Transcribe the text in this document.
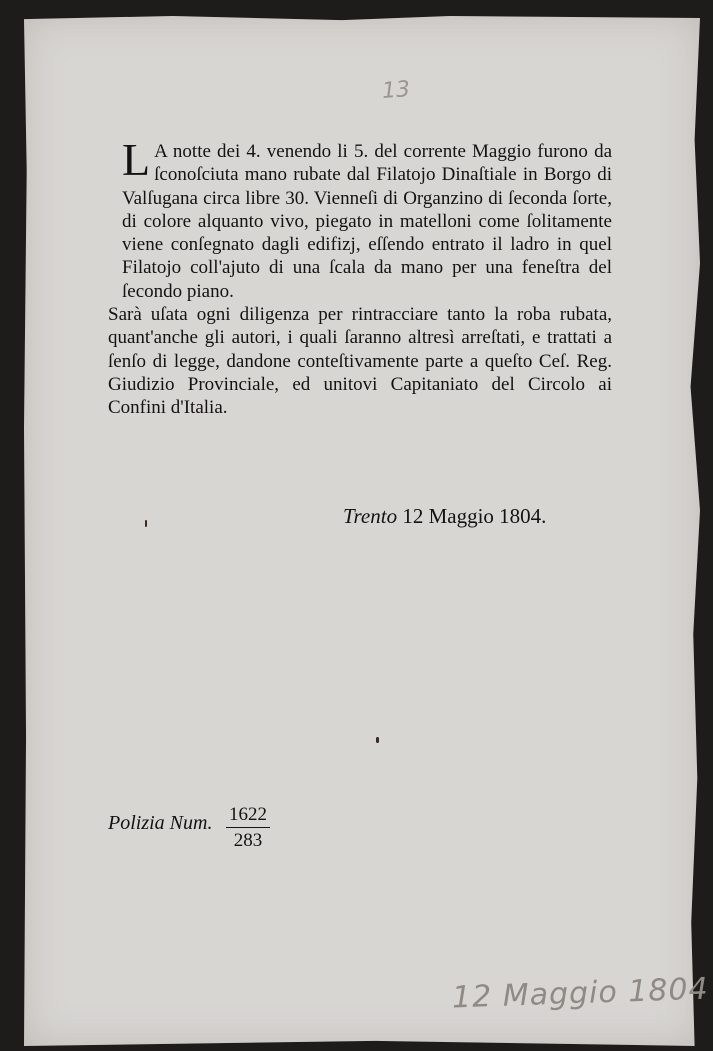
13

L A notte dei 4. venendo li 5. del corrente Maggio furono da ſconoſciuta mano rubate dal Filatojo Dinaſtiale in Borgo di Valſugana circa libre 30. Vienneſi di Organzino di ſeconda ſorte, di colore alquanto vivo, piegato in matelloni come ſolitamente viene conſegnato dagli edifizj, eſſendo entrato il ladro in quel Filatojo coll'ajuto di una ſcala da mano per una feneſtra del ſecondo piano.

Sarà uſata ogni diligenza per rintracciare tanto la roba rubata, quant'anche gli autori, i quali ſaranno altresì arreſtati, e trattati a ſenſo di legge, dandone conteſtivamente parte a queſto Ceſ. Reg. Giudizio Provinciale, ed unitovi Capitaniato del Circolo ai Confini d'Italia.

Trento 12 Maggio 1804.
Polizia Num. $\frac{1622}{283}$
12 Maggio 1804
